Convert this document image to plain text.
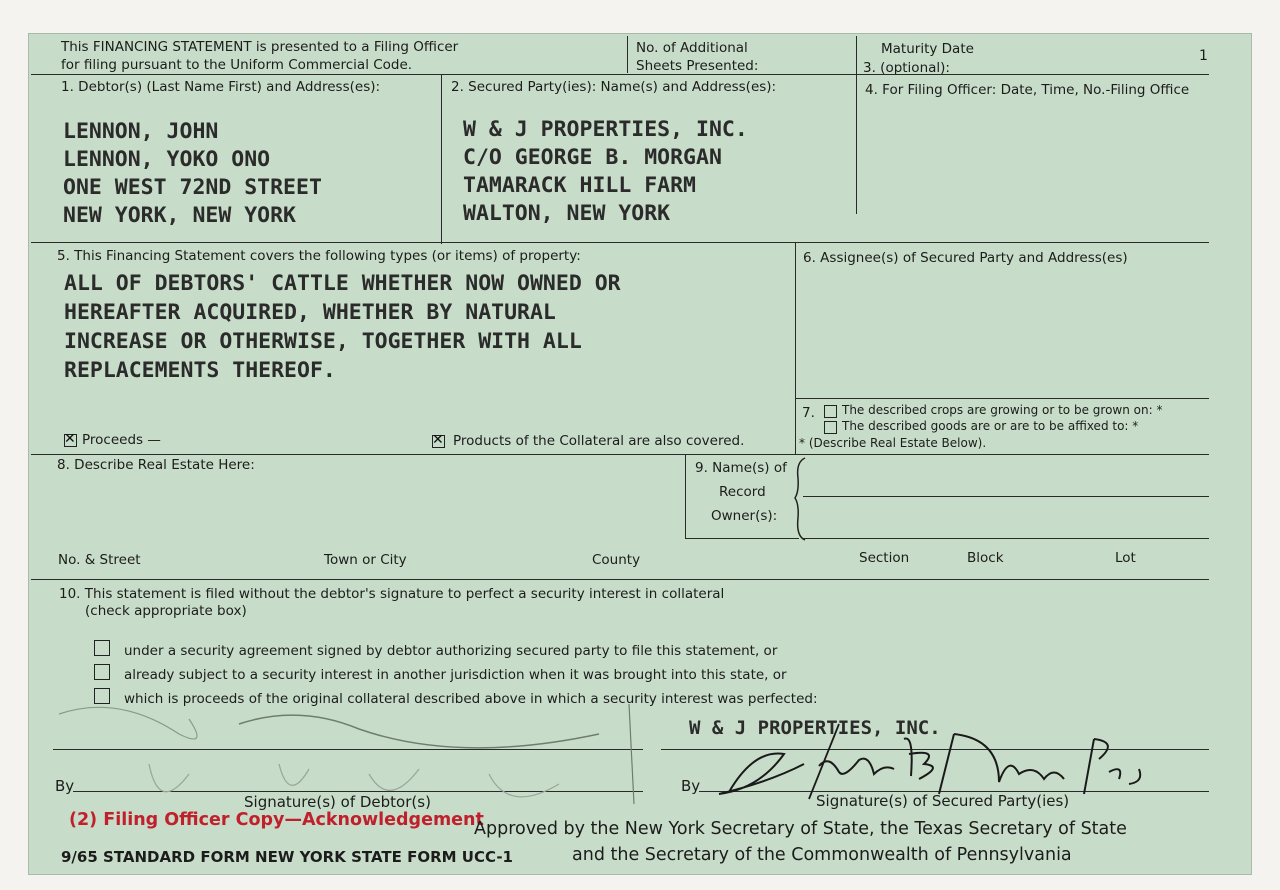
This FINANCING STATEMENT is presented to a Filing Officer
for filing pursuant to the Uniform Commercial Code.
No. of Additional
Sheets Presented:
Maturity Date
3. (optional):
1
1. Debtor(s) (Last Name First) and Address(es):	2. Secured Party(ies): Name(s) and Address(es):	4. For Filing Officer: Date, Time, No.-Filing Office
LENNON, JOHN
LENNON, YOKO ONO
ONE WEST 72ND STREET
NEW YORK, NEW YORK
W & J PROPERTIES, INC.
C/O GEORGE B. MORGAN
TAMARACK HILL FARM
WALTON, NEW YORK
5. This Financing Statement covers the following types (or items) of property:	6. Assignee(s) of Secured Party and Address(es)
ALL OF DEBTORS' CATTLE WHETHER NOW OWNED OR
HEREAFTER ACQUIRED, WHETHER BY NATURAL
INCREASE OR OTHERWISE, TOGETHER WITH ALL
REPLACEMENTS THEREOF.
✕
Proceeds —
✕	Products of the Collateral are also covered.
7. The described crops are growing or to be grown on: *
The described goods are or are to be affixed to: *
* (Describe Real Estate Below).
8. Describe Real Estate Here:	9. Name(s) of
Record
Owner(s):
No. & Street	Town or City	County	Section	Block	Lot
10. This statement is filed without the debtor's signature to perfect a security interest in collateral
(check appropriate box)
under a security agreement signed by debtor authorizing secured party to file this statement, or
already subject to a security interest in another jurisdiction when it was brought into this state, or
which is proceeds of the original collateral described above in which a security interest was perfected:
W & J PROPERTIES, INC.
By
Signature(s) of Debtor(s)
By
Signature(s) of Secured Party(ies)
(2) Filing Officer Copy—Acknowledgement
Approved by the New York Secretary of State, the Texas Secretary of State
9/65 STANDARD FORM NEW YORK STATE FORM UCC-1	and the Secretary of the Commonwealth of Pennsylvania
